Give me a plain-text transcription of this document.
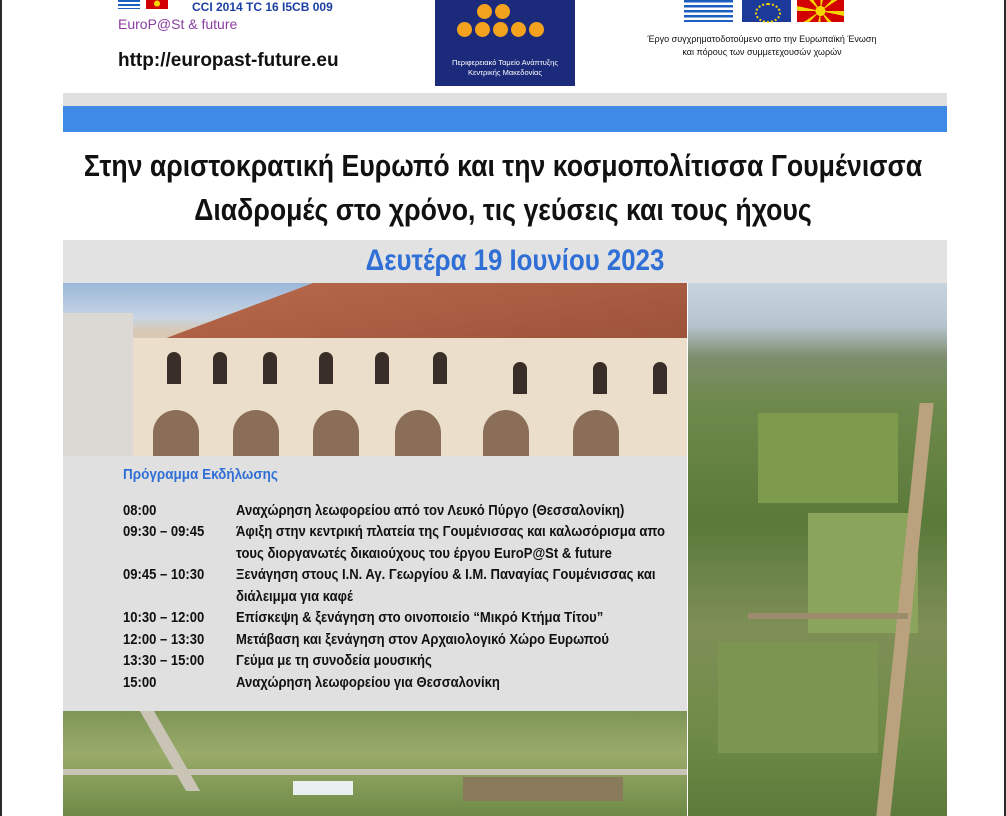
CCI 2014 TC 16 I5CB 009
EuroP@St & future
http://europast-future.eu	Περιφερειακό Ταμείο Ανάπτυξης Κεντρικής Μακεδονίας
Έργο συγχρηματοδοτούμενο απο την Ευρωπαϊκή Ένωση
και πόρους των συμμετεχουσών χωρών
Στην αριστοκρατική Ευρωπό και την κοσμοπολίτισσα Γουμένισσα
Διαδρομές στο χρόνο, τις γεύσεις και τους ήχους
Δευτέρα 19 Ιουνίου 2023
Πρόγραμμα Εκδήλωσης
08:00	Αναχώρηση λεωφορείου από τον Λευκό Πύργο (Θεσσαλονίκη)
09:30 – 09:45	Άφιξη στην κεντρική πλατεία της Γουμένισσας και καλωσόρισμα απο
τους διοργανωτές δικαιούχους του έργου EuroP@St & future
09:45 – 10:30	Ξενάγηση στους Ι.Ν. Αγ. Γεωργίου & Ι.Μ. Παναγίας Γουμένισσας και
διάλειμμα για καφέ
10:30 – 12:00	Επίσκεψη & ξενάγηση στο οινοποιείο “Μικρό Κτήμα Τίτου”
12:00 – 13:30	Μετάβαση και ξενάγηση στον Αρχαιολογικό Χώρο Ευρωπού
13:30 – 15:00	Γεύμα με τη συνοδεία μουσικής
15:00	Αναχώρηση λεωφορείου για Θεσσαλονίκη
